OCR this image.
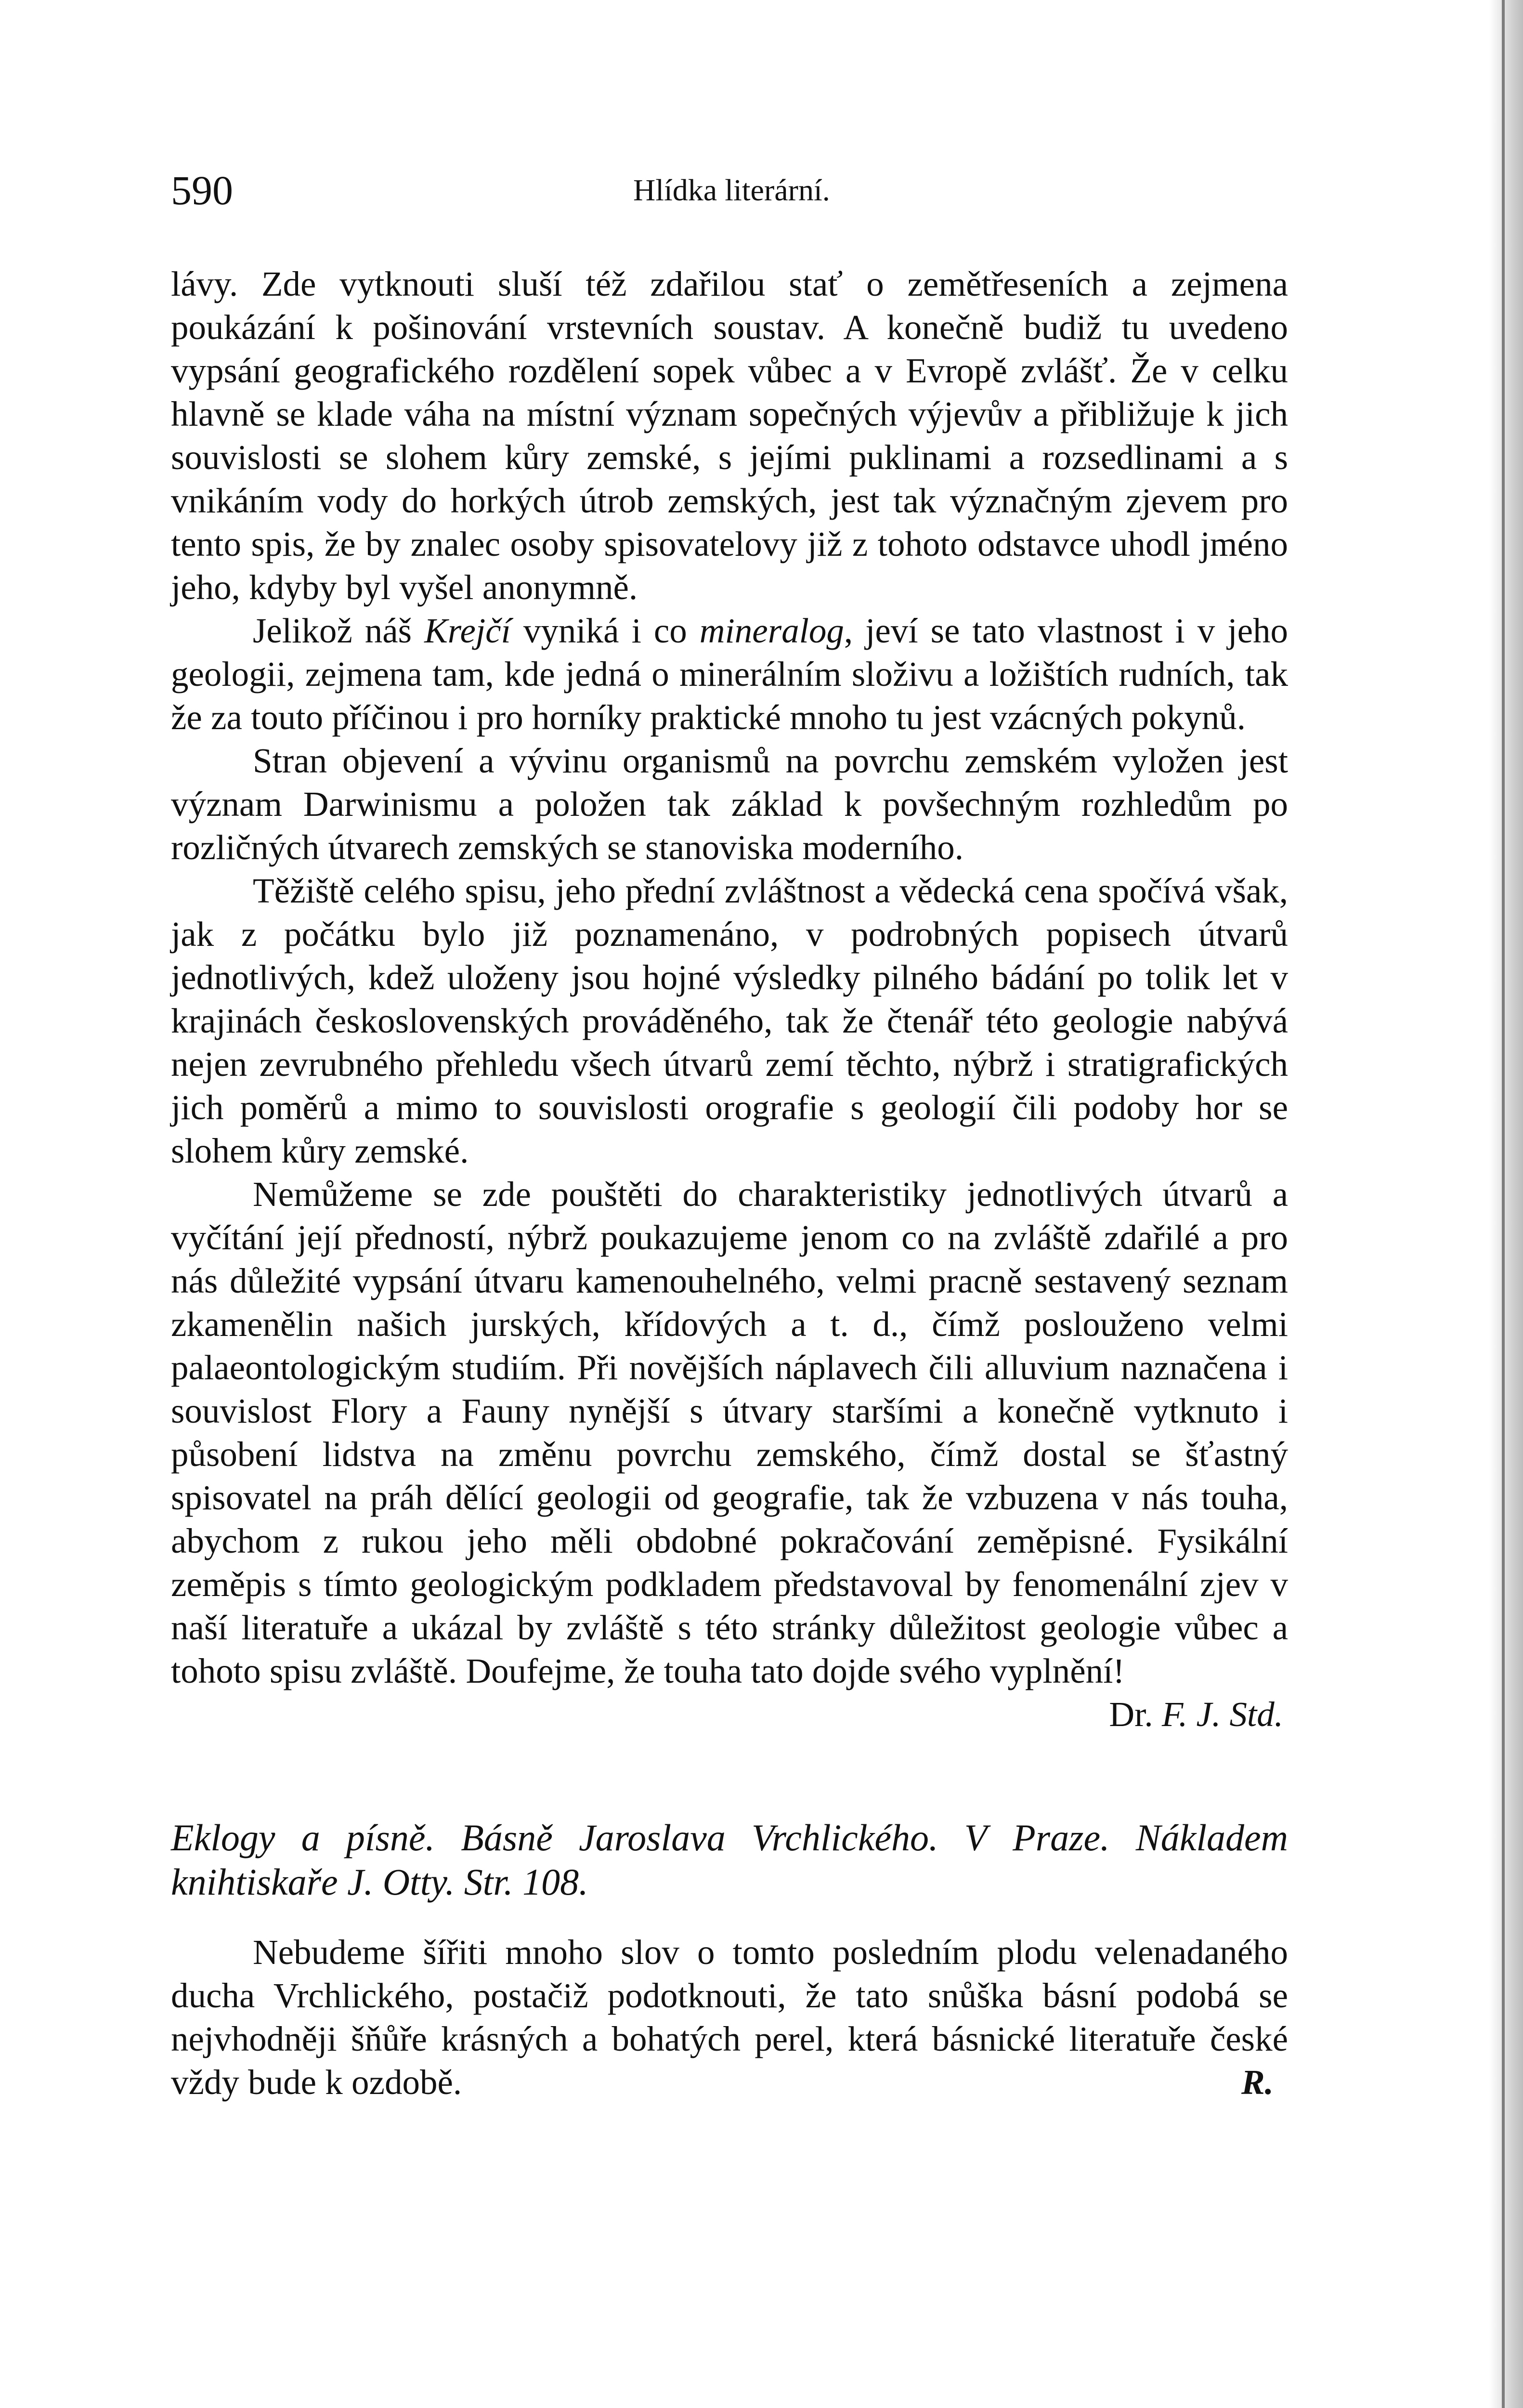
590	Hlídka literární.

lávy. Zde vytknouti sluší též zdařilou stať o zemětřeseních a zejmena poukázání k pošinování vrstevních soustav. A konečně budiž tu uvedeno vypsání geografického rozdělení sopek vůbec a v Evropě zvlášť. Že v celku hlavně se klade váha na místní význam sopečných výjevův a přibližuje k jich souvislosti se slohem kůry zemské, s jejími puklinami a rozsedlinami a s vnikáním vody do horkých útrob zemských, jest tak význačným zjevem pro tento spis, že by znalec osoby spisovatelovy již z tohoto odstavce uhodl jméno jeho, kdyby byl vyšel anonymně.

Jelikož náš Krejčí vyniká i co mineralog, jeví se tato vlastnost i v jeho geologii, zejmena tam, kde jedná o minerálním složivu a ložištích rudních, tak že za touto příčinou i pro horníky praktické mnoho tu jest vzácných pokynů.

Stran objevení a vývinu organismů na povrchu zemském vyložen jest význam Darwinismu a položen tak základ k povšechným rozhledům po rozličných útvarech zemských se stanoviska moderního.

Těžiště celého spisu, jeho přední zvláštnost a vědecká cena spočívá však, jak z počátku bylo již poznamenáno, v podrobných popisech útvarů jednotlivých, kdež uloženy jsou hojné výsledky pilného bádání po tolik let v krajinách československých prováděného, tak že čtenář této geologie nabývá nejen zevrubného přehledu všech útvarů zemí těchto, nýbrž i stratigrafických jich poměrů a mimo to souvislosti orografie s geologií čili podoby hor se slohem kůry zemské.

Nemůžeme se zde pouštěti do charakteristiky jednotlivých útvarů a vyčítání její předností, nýbrž poukazujeme jenom co na zvláště zdařilé a pro nás důležité vypsání útvaru kamenouhelného, velmi pracně sestavený seznam zkamenělin našich jurských, křídových a t. d., čímž poslouženo velmi palaeontologickým studiím. Při novějších náplavech čili alluvium naznačena i souvislost Flory a Fauny nynější s útvary staršími a konečně vytknuto i působení lidstva na změnu povrchu zemského, čímž dostal se šťastný spisovatel na práh dělící geologii od geografie, tak že vzbuzena v nás touha, abychom z rukou jeho měli obdobné pokračování zeměpisné. Fysikální zeměpis s tímto geologickým podkladem představoval by fenomenální zjev v naší literatuře a ukázal by zvláště s této stránky důležitost geologie vůbec a tohoto spisu zvláště. Doufejme, že touha tato dojde svého vyplnění!

Dr. F. J. Std.

Eklogy a písně. Básně Jaroslava Vrchlického. V Praze. Nákladem knihtiskaře J. Otty. Str. 108.

Nebudeme šířiti mnoho slov o tomto posledním plodu velenadaného ducha Vrchlického, postačiž podotknouti, že tato snůška básní podobá se nejvhodněji šňůře krásných a bohatých perel, která básnické literatuře české vždy bude k ozdobě.	R.
